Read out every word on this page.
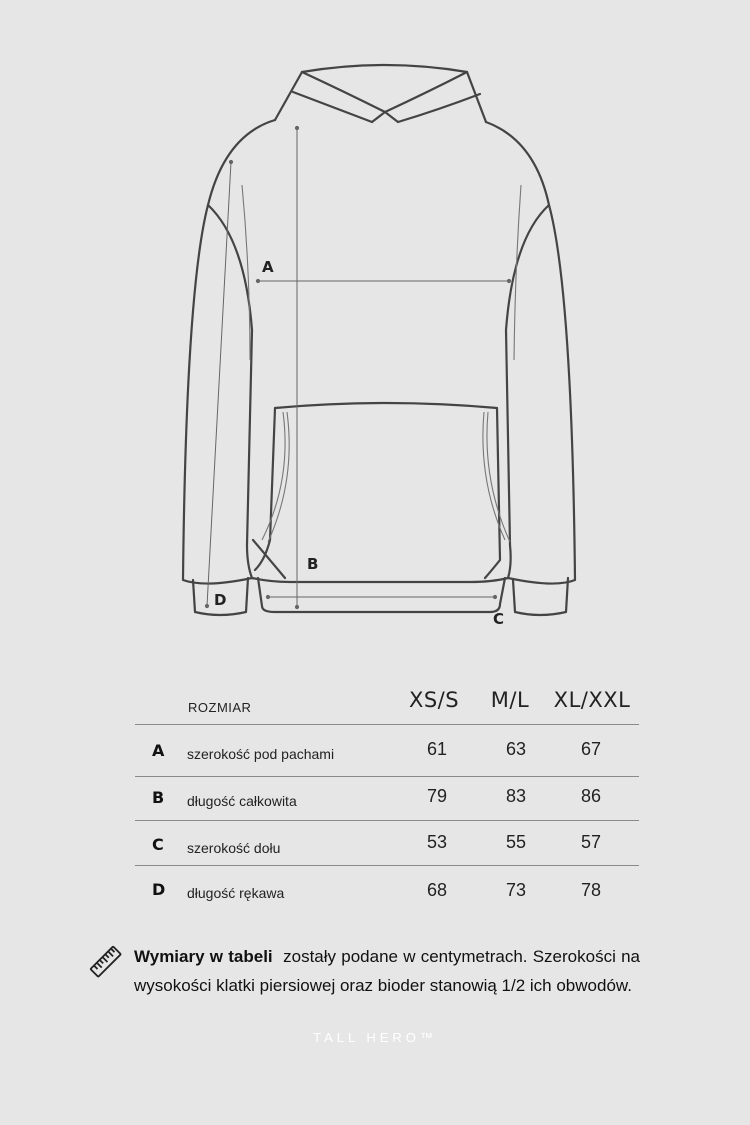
A
B
C
D
ROZMIAR	XS/S M/L XL/XXL
A szerokość pod pachami	61	63	67
B długość całkowita	79	83	86
C szerokość dołu	53	55	57
D długość rękawa	68	73	78
Wymiary w tabeli zostały podane w centymetrach. Szerokości na wysokości klatki piersiowej oraz bioder stanowią 1/2 ich obwodów.
TALL HERO™
